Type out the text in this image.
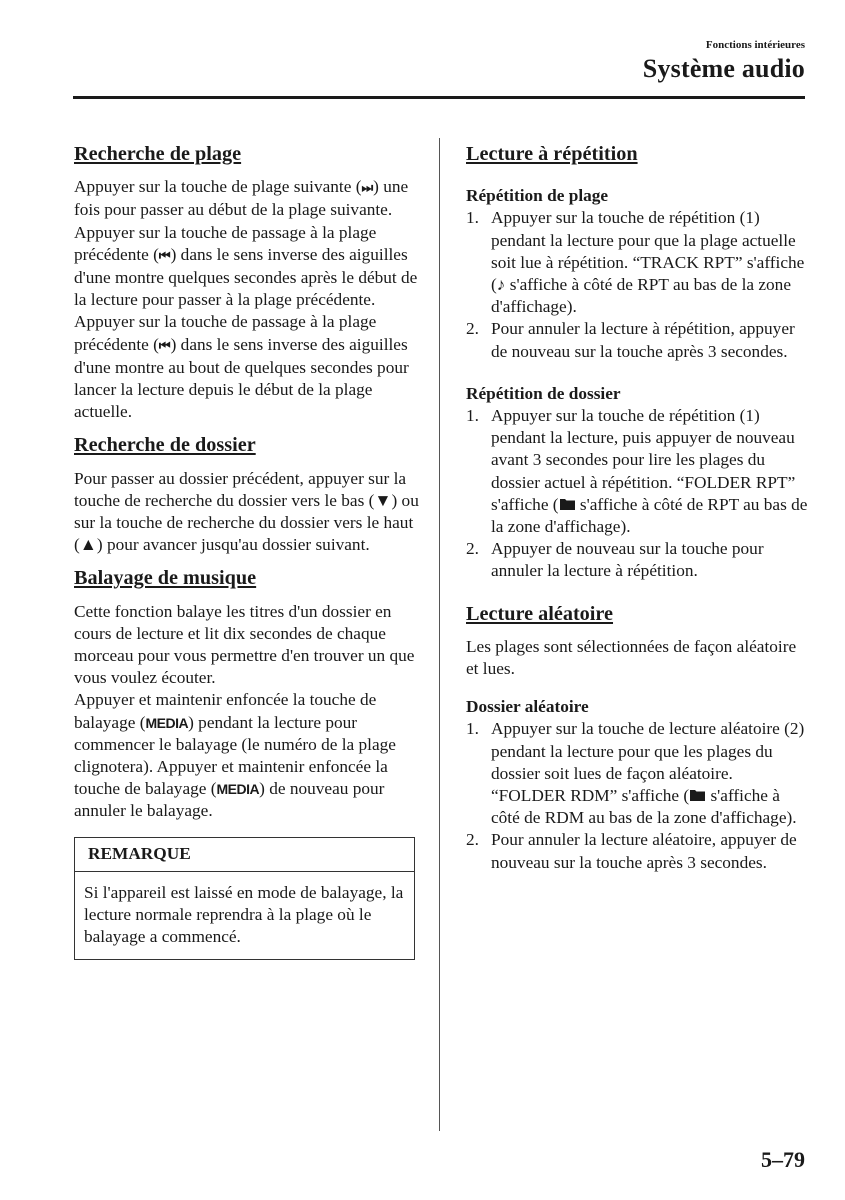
Fonctions intérieures
Système audio
Recherche de plage

Appuyer sur la touche de plage suivante (⏭) une fois pour passer au début de la plage suivante.

Appuyer sur la touche de passage à la plage précédente (⏮) dans le sens inverse des aiguilles d'une montre quelques secondes après le début de la lecture pour passer à la plage précédente.

Appuyer sur la touche de passage à la plage précédente (⏮) dans le sens inverse des aiguilles d'une montre au bout de quelques secondes pour lancer la lecture depuis le début de la plage actuelle.

Recherche de dossier

Pour passer au dossier précédent, appuyer sur la touche de recherche du dossier vers le bas (▼) ou sur la touche de recherche du dossier vers le haut (▲) pour avancer jusqu'au dossier suivant.

Balayage de musique

Cette fonction balaye les titres d'un dossier en cours de lecture et lit dix secondes de chaque morceau pour vous permettre d'en trouver un que vous voulez écouter.

Appuyer et maintenir enfoncée la touche de balayage (MEDIA) pendant la lecture pour commencer le balayage (le numéro de la plage clignotera). Appuyer et maintenir enfoncée la touche de balayage (MEDIA) de nouveau pour annuler le balayage.

REMARQUE
Si l'appareil est laissé en mode de balayage, la lecture normale reprendra à la plage où le balayage a commencé.
Lecture à répétition
Répétition de plage
1. Appuyer sur la touche de répétition (1) pendant la lecture pour que la plage actuelle soit lue à répétition. “TRACK RPT” s'affiche (♪ s'affiche à côté de RPT au bas de la zone d'affichage).
2. Pour annuler la lecture à répétition, appuyer de nouveau sur la touche après 3 secondes.
Répétition de dossier
1. Appuyer sur la touche de répétition (1) pendant la lecture, puis appuyer de nouveau avant 3 secondes pour lire les plages du dossier actuel à répétition. “FOLDER RPT” s'affiche (
s'affiche à côté de RPT au bas de la zone d'affichage).
2. Appuyer de nouveau sur la touche pour annuler la lecture à répétition.
Lecture aléatoire

Les plages sont sélectionnées de façon aléatoire et lues.

Dossier aléatoire
1. Appuyer sur la touche de lecture aléatoire (2) pendant la lecture pour que les plages du dossier soit lues de façon aléatoire. “FOLDER RDM” s'affiche (
s'affiche à côté de RDM au bas de la zone d'affichage).
2. Pour annuler la lecture aléatoire, appuyer de nouveau sur la touche après 3 secondes.
5–79
